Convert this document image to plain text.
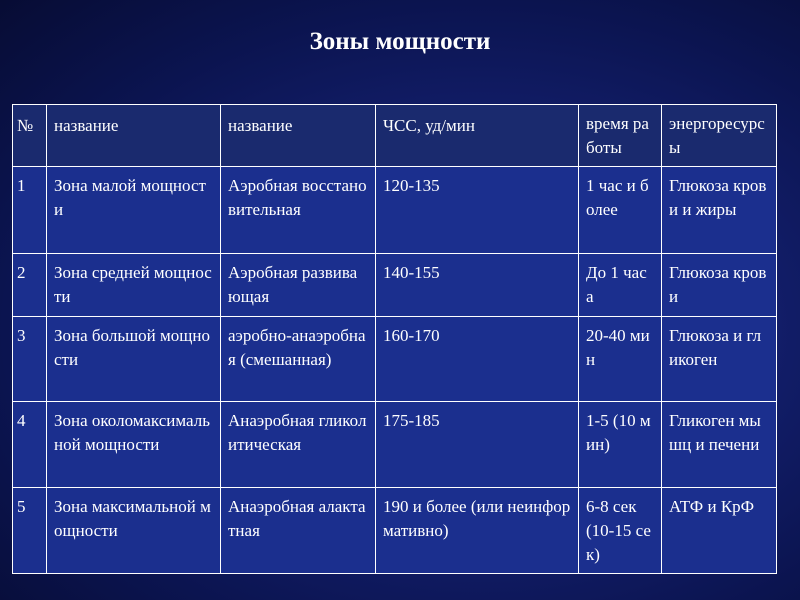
Зоны мощности
№	название	название	ЧСС, уд/мин	время работы	энергоресурсы
1	Зона малой мощности	Аэробная восстановительная	120-135	1 час и более	Глюкоза крови и жиры
2	Зона средней мощности	Аэробная развивающая	140-155	До 1 часа	Глюкоза крови
3	Зона большой мощности	аэробно-анаэробная (смешанная)	160-170	20-40 мин	Глюкоза и гликоген
4	Зона околомаксимальной мощности	Анаэробная гликолитическая	175-185	1-5 (10 мин)	Гликоген мышц и печени
5	Зона максимальной мощности	Анаэробная алактатная	190 и более (или неинформативно)	6-8 сек (10-15 сек)	АТФ и КрФ
